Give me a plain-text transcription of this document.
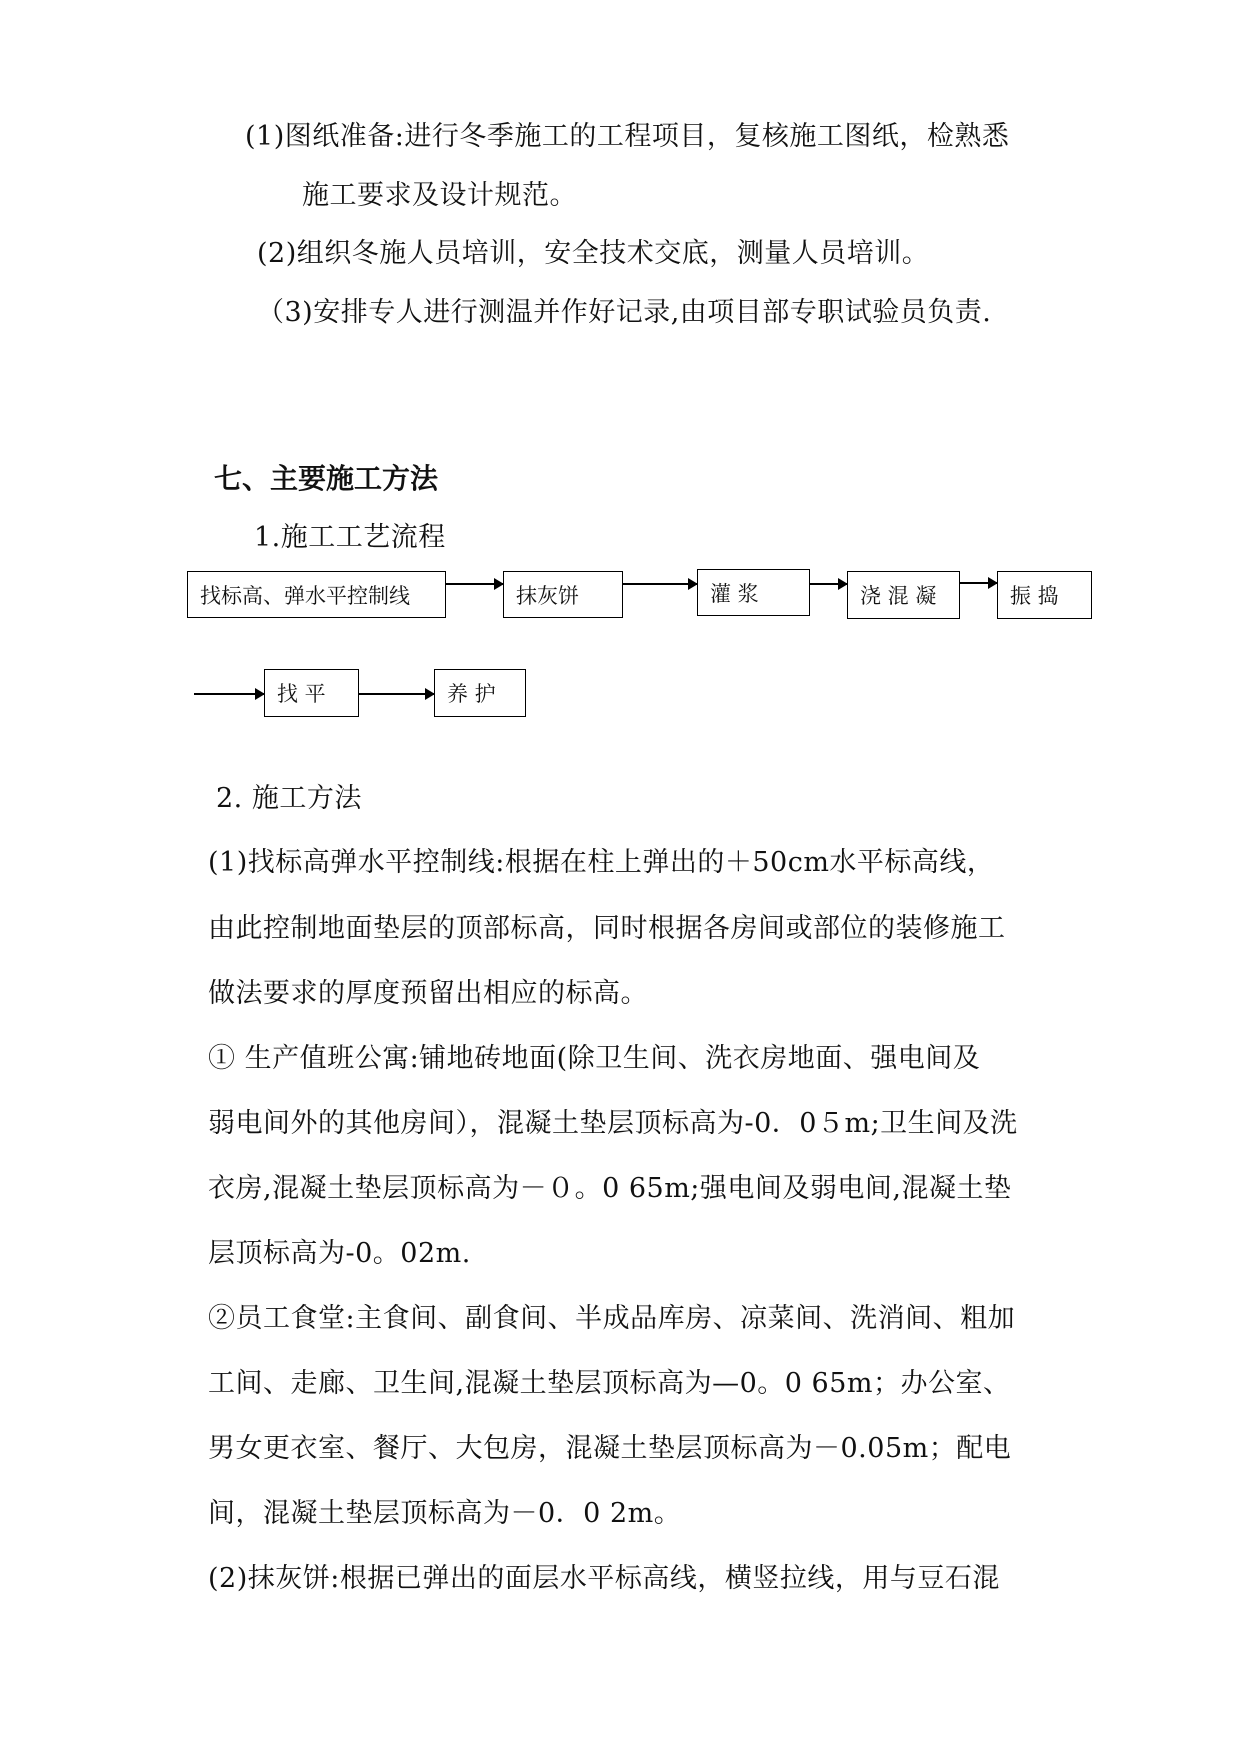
(1)图纸准备:进行冬季施工的工程项目，复核施工图纸，检熟悉
施工要求及设计规范。
(2)组织冬施人员培训，安全技术交底，测量人员培训。
（3)安排专人进行测温并作好记录,由项目部专职试验员负责.
七、主要施工方法
1.施工工艺流程
找标高、弹水平控制线	抹灰饼	灌 浆	浇 混 凝	振 捣
找 平	养 护
2. 施工方法
(1)找标高弹水平控制线:根据在柱上弹出的＋50cm水平标高线，
由此控制地面垫层的顶部标高，同时根据各房间或部位的装修施工
做法要求的厚度预留出相应的标高。
① 生产值班公寓:铺地砖地面(除卫生间、洗衣房地面、强电间及
弱电间外的其他房间），混凝土垫层顶标高为-0．0５m;卫生间及洗
衣房,混凝土垫层顶标高为－０。0 65m;强电间及弱电间,混凝土垫
层顶标高为-0。02m.
②员工食堂:主食间、副食间、半成品库房、凉菜间、洗消间、粗加
工间、走廊、卫生间,混凝土垫层顶标高为—0。0 65m；办公室、
男女更衣室、餐厅、大包房，混凝土垫层顶标高为－0.05m；配电
间，混凝土垫层顶标高为－0．0 2m。
(2)抹灰饼:根据已弹出的面层水平标高线，横竖拉线，用与豆石混
